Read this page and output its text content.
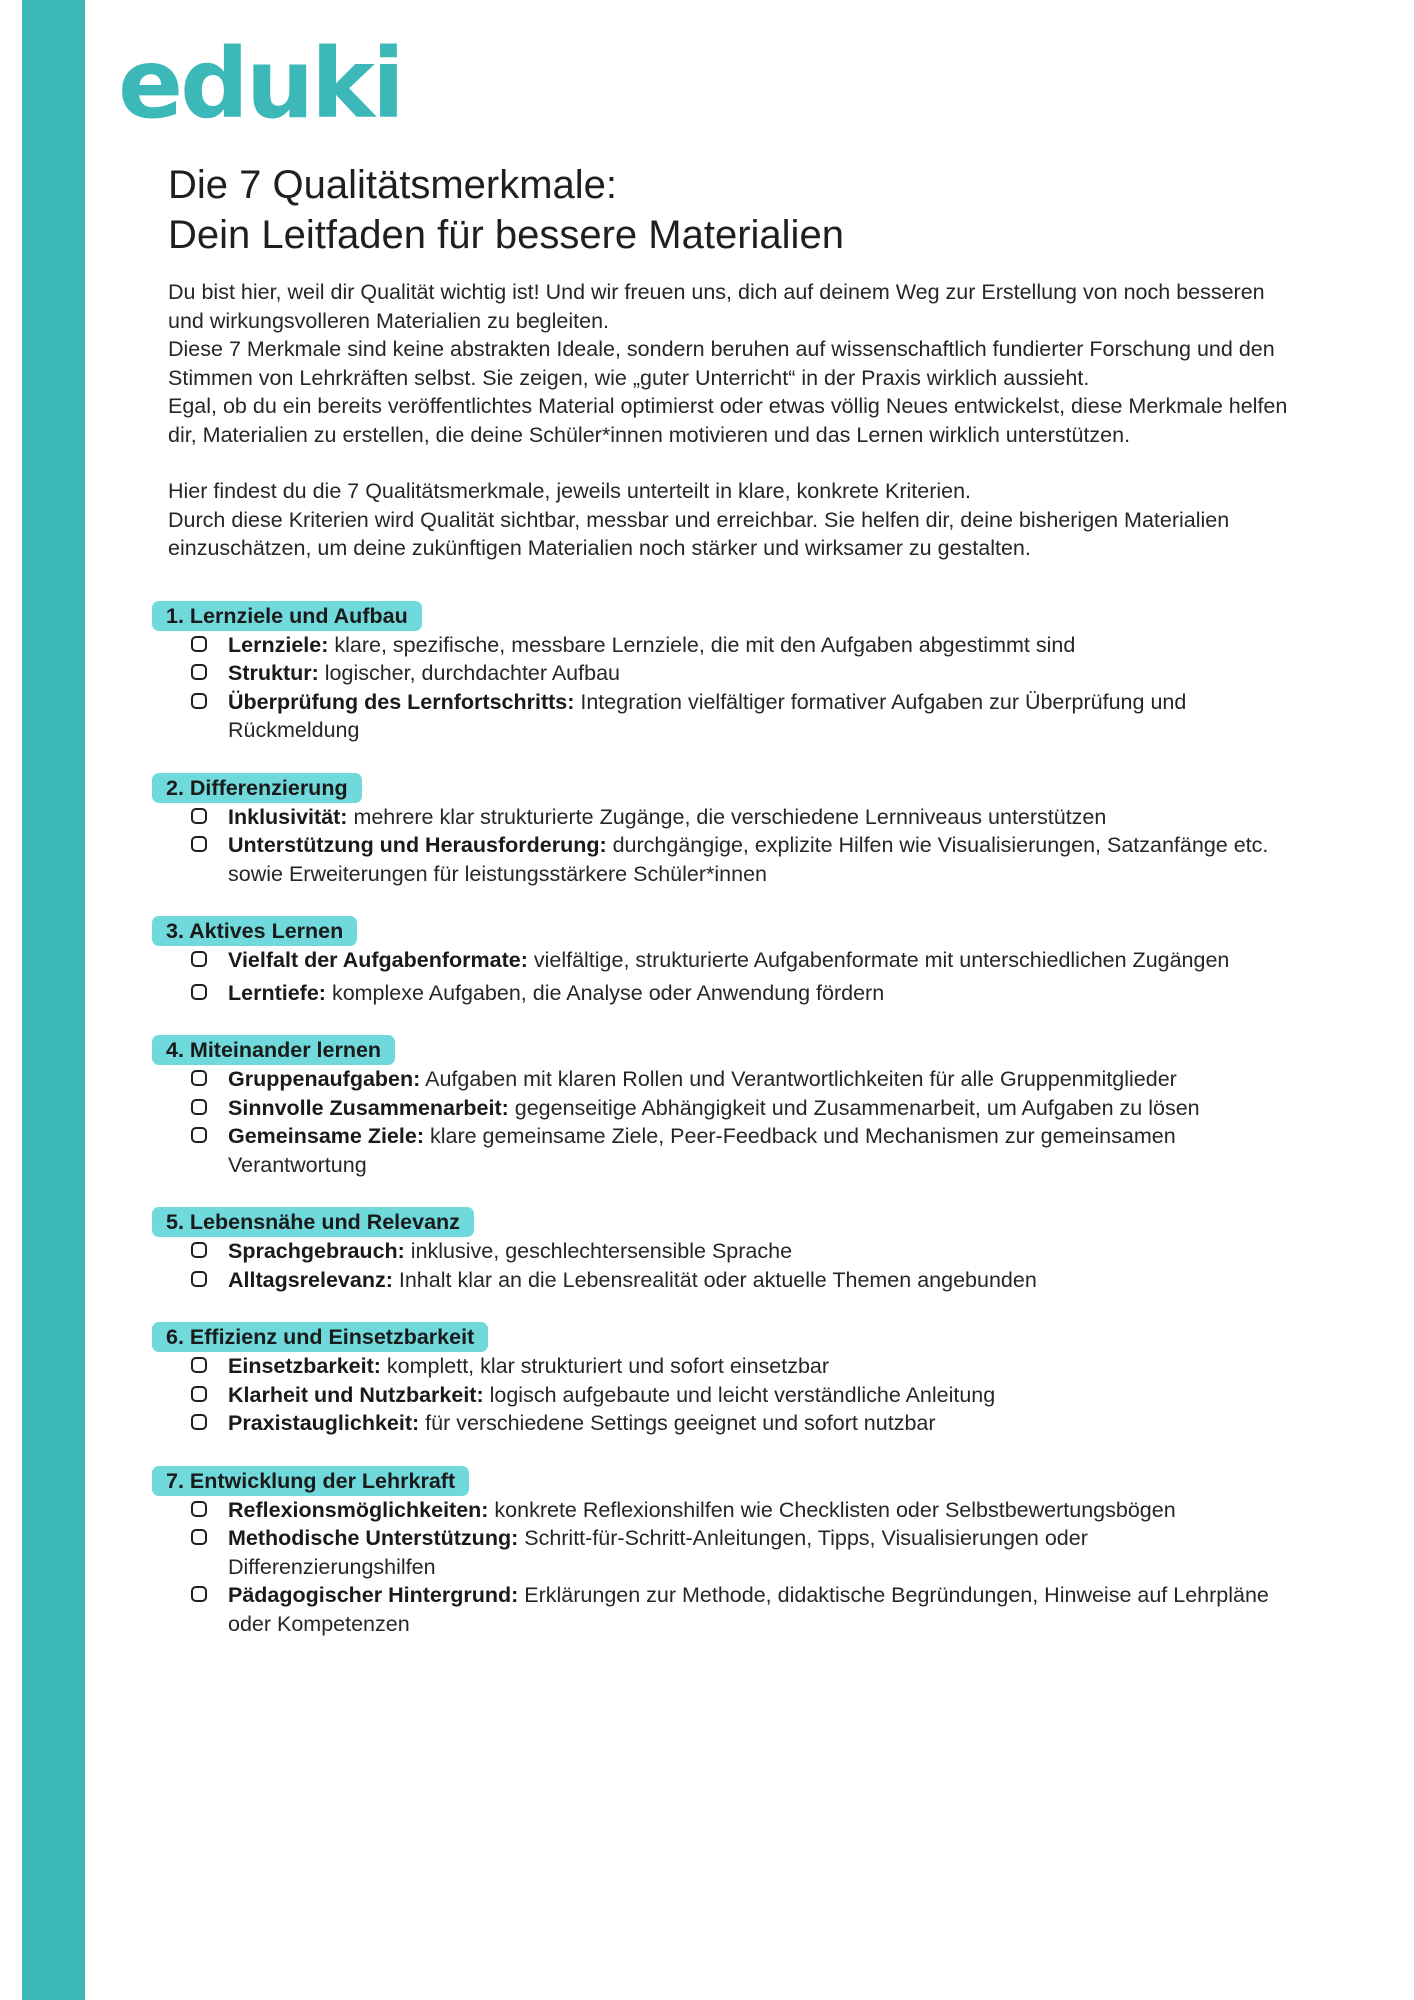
eduki
Die 7 Qualitätsmerkmale:
Dein Leitfaden für bessere Materialien

Du bist hier, weil dir Qualität wichtig ist! Und wir freuen uns, dich auf deinem Weg zur Erstellung von noch besseren und wirkungsvolleren Materialien zu begleiten.

Diese 7 Merkmale sind keine abstrakten Ideale, sondern beruhen auf wissenschaftlich fundierter Forschung und den Stimmen von Lehrkräften selbst. Sie zeigen, wie „guter Unterricht“ in der Praxis wirklich aussieht.

Egal, ob du ein bereits veröffentlichtes Material optimierst oder etwas völlig Neues entwickelst, diese Merkmale helfen dir, Materialien zu erstellen, die deine Schüler*innen motivieren und das Lernen wirklich unterstützen.

Hier findest du die 7 Qualitätsmerkmale, jeweils unterteilt in klare, konkrete Kriterien.

Durch diese Kriterien wird Qualität sichtbar, messbar und erreichbar. Sie helfen dir, deine bisherigen Materialien einzuschätzen, um deine zukünftigen Materialien noch stärker und wirksamer zu gestalten.

1. Lernziele und Aufbau
Lernziele: klare, spezifische, messbare Lernziele, die mit den Aufgaben abgestimmt sind
Struktur: logischer, durchdachter Aufbau
Überprüfung des Lernfortschritts: Integration vielfältiger formativer Aufgaben zur Überprüfung und Rückmeldung
2. Differenzierung
Inklusivität: mehrere klar strukturierte Zugänge, die verschiedene Lernniveaus unterstützen
Unterstützung und Herausforderung: durchgängige, explizite Hilfen wie Visualisierungen, Satzanfänge etc. sowie Erweiterungen für leistungsstärkere Schüler*innen
3. Aktives Lernen
Vielfalt der Aufgabenformate: vielfältige, strukturierte Aufgabenformate mit unterschiedlichen Zugängen
Lerntiefe: komplexe Aufgaben, die Analyse oder Anwendung fördern
4. Miteinander lernen
Gruppenaufgaben: Aufgaben mit klaren Rollen und Verantwortlichkeiten für alle Gruppenmitglieder
Sinnvolle Zusammenarbeit: gegenseitige Abhängigkeit und Zusammenarbeit, um Aufgaben zu lösen
Gemeinsame Ziele: klare gemeinsame Ziele, Peer-Feedback und Mechanismen zur gemeinsamen Verantwortung
5. Lebensnähe und Relevanz
Sprachgebrauch: inklusive, geschlechtersensible Sprache
Alltagsrelevanz: Inhalt klar an die Lebensrealität oder aktuelle Themen angebunden
6. Effizienz und Einsetzbarkeit
Einsetzbarkeit: komplett, klar strukturiert und sofort einsetzbar
Klarheit und Nutzbarkeit: logisch aufgebaute und leicht verständliche Anleitung
Praxistauglichkeit: für verschiedene Settings geeignet und sofort nutzbar
7. Entwicklung der Lehrkraft
Reflexionsmöglichkeiten: konkrete Reflexionshilfen wie Checklisten oder Selbstbewertungsbögen
Methodische Unterstützung: Schritt-für-Schritt-Anleitungen, Tipps, Visualisierungen oder Differenzierungshilfen
Pädagogischer Hintergrund: Erklärungen zur Methode, didaktische Begründungen, Hinweise auf Lehrpläne oder Kompetenzen
